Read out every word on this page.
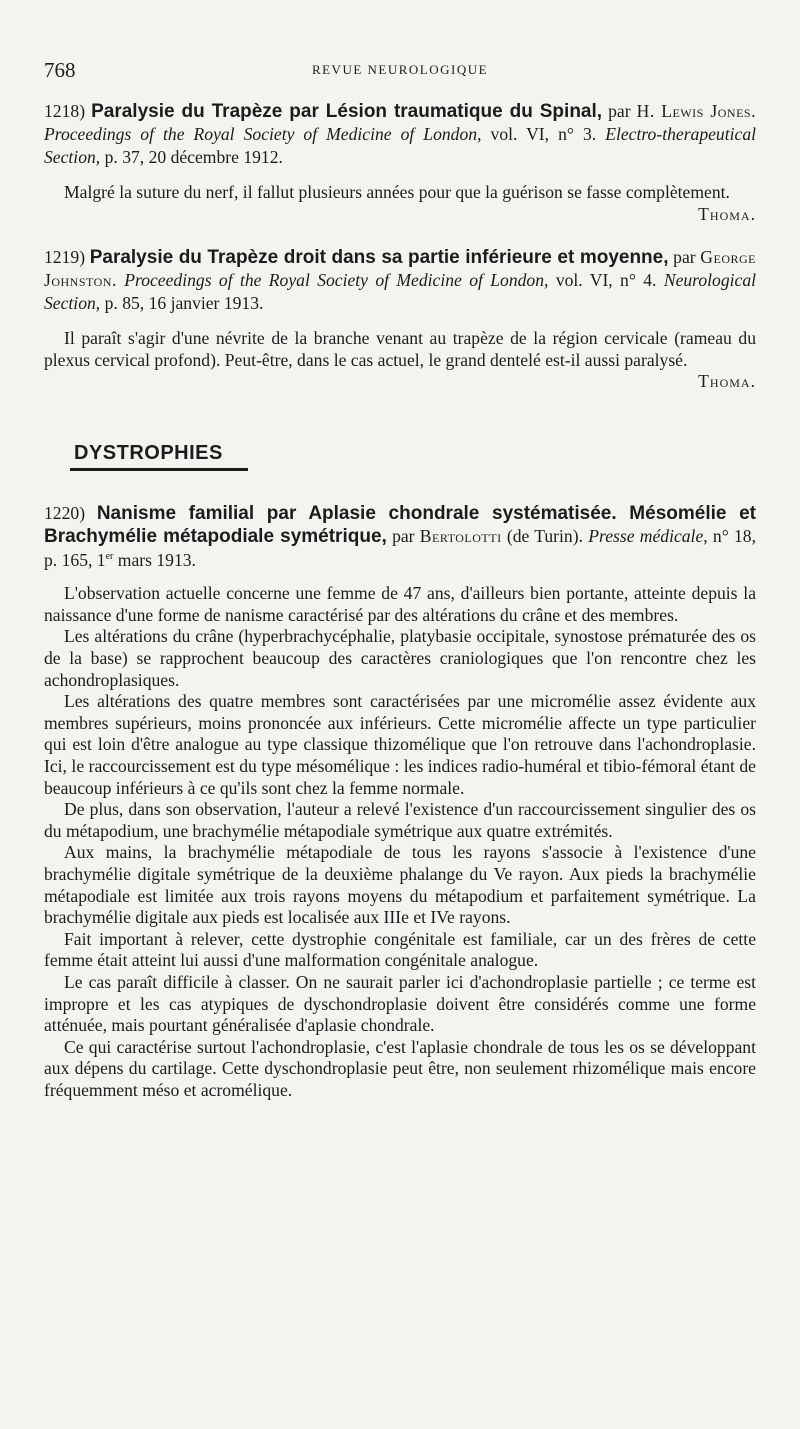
768	REVUE NEUROLOGIQUE

1218) Paralysie du Trapèze par Lésion traumatique du Spinal, par H. Lewis Jones. Proceedings of the Royal Society of Medicine of London, vol. VI, n° 3. Electro-therapeutical Section, p. 37, 20 décembre 1912.

Malgré la suture du nerf, il fallut plusieurs années pour que la guérison se fasse complètement.
Thoma.

1219) Paralysie du Trapèze droit dans sa partie inférieure et moyenne, par George Johnston. Proceedings of the Royal Society of Medicine of London, vol. VI, n° 4. Neurological Section, p. 85, 16 janvier 1913.

Il paraît s'agir d'une névrite de la branche venant au trapèze de la région cervicale (rameau du plexus cervical profond). Peut-être, dans le cas actuel, le grand dentelé est-il aussi paralysé.
Thoma.

DYSTROPHIES

1220) Nanisme familial par Aplasie chondrale systématisée. Mésomélie et Brachymélie métapodiale symétrique, par Bertolotti (de Turin). Presse médicale, n° 18, p. 165, 1er mars 1913.

L'observation actuelle concerne une femme de 47 ans, d'ailleurs bien portante, atteinte depuis la naissance d'une forme de nanisme caractérisé par des altérations du crâne et des membres.

Les altérations du crâne (hyperbrachycéphalie, platybasie occipitale, synostose prématurée des os de la base) se rapprochent beaucoup des caractères craniologiques que l'on rencontre chez les achondroplasiques.

Les altérations des quatre membres sont caractérisées par une micromélie assez évidente aux membres supérieurs, moins prononcée aux inférieurs. Cette micromélie affecte un type particulier qui est loin d'être analogue au type classique thizomélique que l'on retrouve dans l'achondroplasie. Ici, le raccourcissement est du type mésomélique : les indices radio-huméral et tibio-fémoral étant de beaucoup inférieurs à ce qu'ils sont chez la femme normale.

De plus, dans son observation, l'auteur a relevé l'existence d'un raccourcissement singulier des os du métapodium, une brachymélie métapodiale symétrique aux quatre extrémités.

Aux mains, la brachymélie métapodiale de tous les rayons s'associe à l'existence d'une brachymélie digitale symétrique de la deuxième phalange du Ve rayon. Aux pieds la brachymélie métapodiale est limitée aux trois rayons moyens du métapodium et parfaitement symétrique. La brachymélie digitale aux pieds est localisée aux IIIe et IVe rayons.

Fait important à relever, cette dystrophie congénitale est familiale, car un des frères de cette femme était atteint lui aussi d'une malformation congénitale analogue.

Le cas paraît difficile à classer. On ne saurait parler ici d'achondroplasie partielle ; ce terme est impropre et les cas atypiques de dyschondroplasie doivent être considérés comme une forme atténuée, mais pourtant généralisée d'aplasie chondrale.

Ce qui caractérise surtout l'achondroplasie, c'est l'aplasie chondrale de tous les os se développant aux dépens du cartilage. Cette dyschondroplasie peut être, non seulement rhizomélique mais encore fréquemment méso et acromélique.
